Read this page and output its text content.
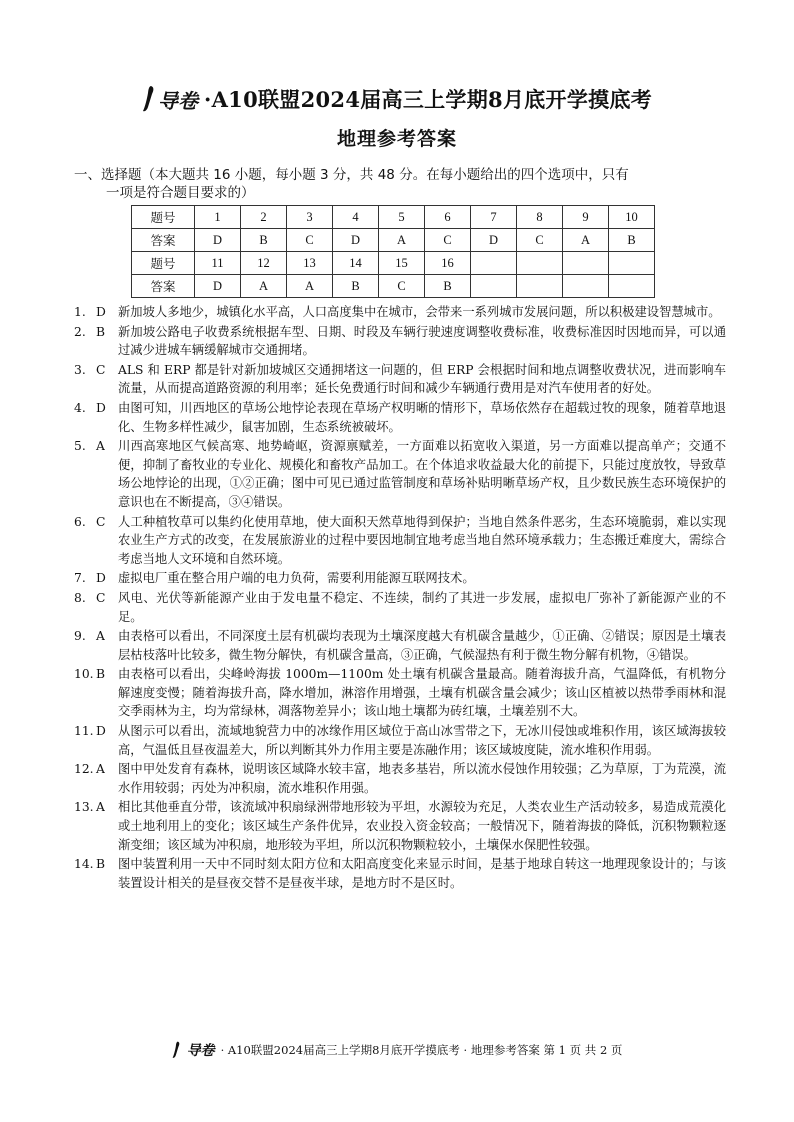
导卷 ·A10联盟2024届高三上学期8月底开学摸底考
地理参考答案
一、选择题（本大题共 16 小题，每小题 3 分，共 48 分。在每小题给出的四个选项中，只有
一项是符合题目要求的）
题号	1	2	3	4	5	6	7	8	9	10
答案	D	B	C	D	A	C	D	C	A	B
题号	11	12	13	14	15	16				
答案	D	A	A	B	C	B				
1. D 新加坡人多地少，城镇化水平高，人口高度集中在城市，会带来一系列城市发展问题，所以积极建设智慧城市。
2. B	新加坡公路电子收费系统根据车型、日期、时段及车辆行驶速度调整收费标准，收费标准因时因地而异，可以通过减少进城车辆缓解城市交通拥堵。
3. C	ALS 和 ERP 都是针对新加坡城区交通拥堵这一问题的，但 ERP 会根据时间和地点调整收费状况，进而影响车流量，从而提高道路资源的利用率；延长免费通行时间和减少车辆通行费用是对汽车使用者的好处。
4. D 由图可知，川西地区的草场公地悖论表现在草场产权明晰的情形下，草场依然存在超载过牧的现象，随着草地退化、生物多样性减少，鼠害加剧，生态系统被破坏。
5. A	川西高寒地区气候高寒、地势崎岖，资源禀赋差，一方面难以拓宽收入渠道，另一方面难以提高单产；交通不便，抑制了畜牧业的专业化、规模化和畜牧产品加工。在个体追求收益最大化的前提下，只能过度放牧，导致草场公地悖论的出现，①②正确；图中可见已通过监管制度和草场补贴明晰草场产权，且少数民族生态环境保护的意识也在不断提高，③④错误。
6. C	人工种植牧草可以集约化使用草地，使大面积天然草地得到保护；当地自然条件恶劣，生态环境脆弱，难以实现农业生产方式的改变，在发展旅游业的过程中要因地制宜地考虑当地自然环境承载力；生态搬迁难度大，需综合考虑当地人文环境和自然环境。
7. D 虚拟电厂重在整合用户端的电力负荷，需要利用能源互联网技术。
8. C	风电、光伏等新能源产业由于发电量不稳定、不连续，制约了其进一步发展，虚拟电厂弥补了新能源产业的不足。
9. A	由表格可以看出，不同深度土层有机碳均表现为土壤深度越大有机碳含量越少，①正确、②错误；原因是土壤表层枯枝落叶比较多，微生物分解快，有机碳含量高，③正确，气候湿热有利于微生物分解有机物，④错误。
10. B	由表格可以看出，尖峰岭海拔 1000m—1100m 处土壤有机碳含量最高。随着海拔升高，气温降低，有机物分解速度变慢；随着海拔升高，降水增加，淋溶作用增强，土壤有机碳含量会减少；该山区植被以热带季雨林和混交季雨林为主，均为常绿林，凋落物差异小；该山地土壤都为砖红壤，土壤差别不大。
11. D 从图示可以看出，流域地貌营力中的冰缘作用区域位于高山冰雪带之下，无冰川侵蚀或堆积作用，该区域海拔较高，气温低且昼夜温差大，所以判断其外力作用主要是冻融作用；该区域坡度陡，流水堆积作用弱。
12. A	图中甲处发育有森林，说明该区域降水较丰富，地表多基岩，所以流水侵蚀作用较强；乙为草原，丁为荒漠，流水作用较弱；丙处为冲积扇，流水堆积作用强。
13. A	相比其他垂直分带，该流域冲积扇绿洲带地形较为平坦，水源较为充足，人类农业生产活动较多，易造成荒漠化或土地利用上的变化；该区域生产条件优异，农业投入资金较高；一般情况下，随着海拔的降低，沉积物颗粒逐渐变细；该区域为冲积扇，地形较为平坦，所以沉积物颗粒较小，土壤保水保肥性较强。
14. B	图中装置利用一天中不同时刻太阳方位和太阳高度变化来显示时间，是基于地球自转这一地理现象设计的；与该装置设计相关的是昼夜交替不是昼夜半球，是地方时不是区时。
导卷 · A10联盟2024届高三上学期8月底开学摸底考 · 地理参考答案 第 1 页 共 2 页
